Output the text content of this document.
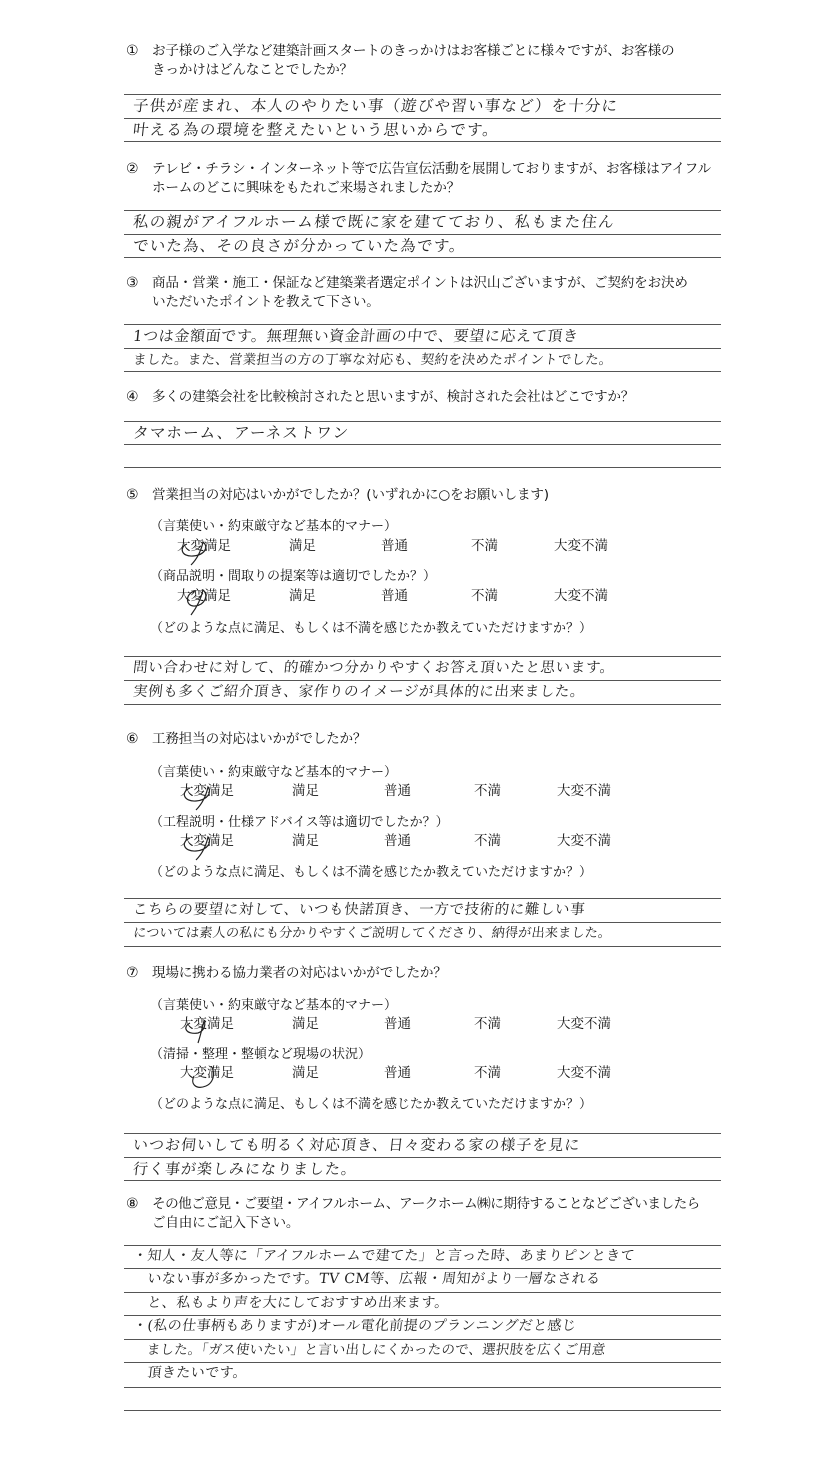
① お子様のご入学など建築計画スタートのきっかけはお客様ごとに様々ですが、お客様の
きっかけはどんなことでしたか？
子供が産まれ、本人のやりたい事（遊びや習い事など）を十分に
叶える為の環境を整えたいという思いからです。
② テレビ・チラシ・インターネット等で広告宣伝活動を展開しておりますが、お客様はアイフル
ホームのどこに興味をもたれご来場されましたか？
私の親がアイフルホーム様で既に家を建てており、私もまた住ん
でいた為、その良さが分かっていた為です。
③ 商品・営業・施工・保証など建築業者選定ポイントは沢山ございますが、ご契約をお決め
いただいたポイントを教えて下さい。
1つは金額面です。無理無い資金計画の中で、要望に応えて頂き
ました。また、営業担当の方の丁寧な対応も、契約を決めたポイントでした。
④ 多くの建築会社を比較検討されたと思いますが、検討された会社はどこですか？
タマホーム、アーネストワン
⑤ 営業担当の対応はいかがでしたか？(いずれかに○をお願いします)
（言葉使い・約束厳守など基本的マナー）
大変満足	満足	普通	不満	大変不満
（商品説明・間取りの提案等は適切でしたか？）
大変満足	満足	普通	不満	大変不満
（どのような点に満足、もしくは不満を感じたか教えていただけますか？）
問い合わせに対して、的確かつ分かりやすくお答え頂いたと思います。
実例も多くご紹介頂き、家作りのイメージが具体的に出来ました。
⑥ 工務担当の対応はいかがでしたか？
（言葉使い・約束厳守など基本的マナー）
大変満足	満足	普通	不満	大変不満
（工程説明・仕様アドバイス等は適切でしたか？）
大変満足	満足	普通	不満	大変不満
（どのような点に満足、もしくは不満を感じたか教えていただけますか？）
こちらの要望に対して、いつも快諾頂き、一方で技術的に難しい事
については素人の私にも分かりやすくご説明してくださり、納得が出来ました。
⑦ 現場に携わる協力業者の対応はいかがでしたか？
（言葉使い・約束厳守など基本的マナー）
大変満足	満足	普通	不満	大変不満
（清掃・整理・整頓など現場の状況）
大変満足	満足	普通	不満	大変不満
（どのような点に満足、もしくは不満を感じたか教えていただけますか？）
いつお伺いしても明るく対応頂き、日々変わる家の様子を見に
行く事が楽しみになりました。
⑧ その他ご意見・ご要望・アイフルホーム、アークホーム㈱に期待することなどございましたら
ご自由にご記入下さい。
・知人・友人等に「アイフルホームで建てた」と言った時、あまりピンときて
　いない事が多かったです。TV CM等、広報・周知がより一層なされる
　と、私もより声を大にしておすすめ出来ます。
・(私の仕事柄もありますが)オール電化前提のプランニングだと感じ
　ました。「ガス使いたい」と言い出しにくかったので、選択肢を広くご用意
　頂きたいです。
